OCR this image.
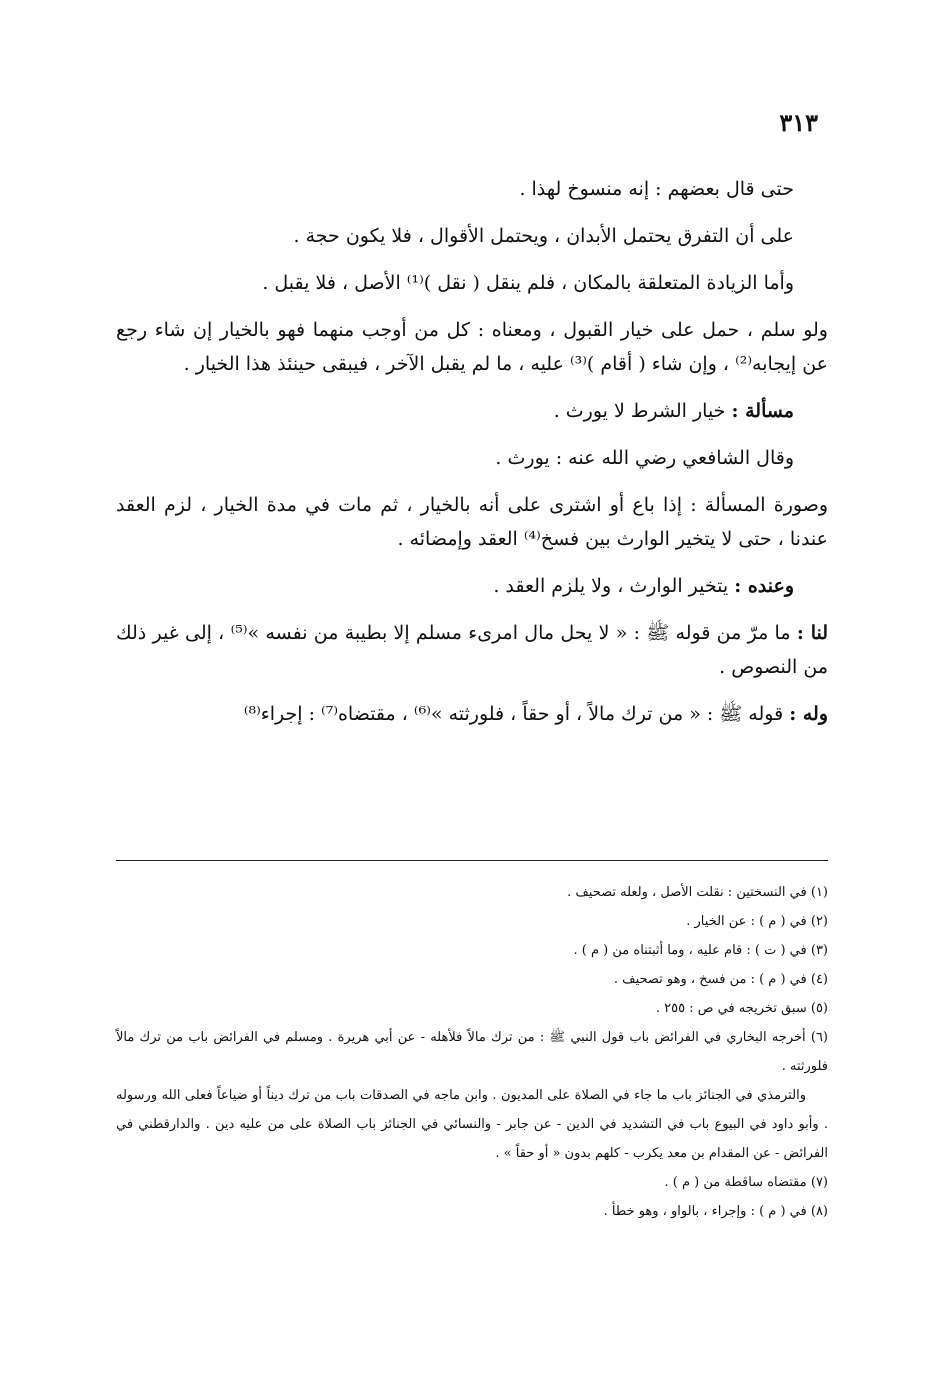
٣١٣

حتى قال بعضهم : إنه منسوخ لهذا .

على أن التفرق يحتمل الأبدان ، ويحتمل الأقوال ، فلا يكون حجة .

وأما الزيادة المتعلقة بالمكان ، فلم ينقل ( نقل )⁽¹⁾ الأصل ، فلا يقبل .

ولو سلم ، حمل على خيار القبول ، ومعناه : كل من أوجب منهما فهو بالخيار إن شاء رجع عن إيجابه⁽²⁾ ، وإن شاء ( أقام )⁽³⁾ عليه ، ما لم يقبل الآخر ، فيبقى حينئذ هذا الخيار .

مسألة : خيار الشرط لا يورث .

وقال الشافعي رضي الله عنه : يورث .

وصورة المسألة : إذا باع أو اشترى على أنه بالخيار ، ثم مات في مدة الخيار ، لزم العقد عندنا ، حتى لا يتخير الوارث بين فسخ⁽⁴⁾ العقد وإمضائه .

وعنده : يتخير الوارث ، ولا يلزم العقد .

لنا : ما مرّ من قوله ﷺ : « لا يحل مال امرىء مسلم إلا بطيبة من نفسه »⁽⁵⁾ ، إلى غير ذلك من النصوص .

وله : قوله ﷺ : « من ترك مالاً ، أو حقاً ، فلورثته »⁽⁶⁾ ، مقتضاه⁽⁷⁾ : إجراء⁽⁸⁾

(١) في النسختين : نقلت الأصل ، ولعله تصحيف .

(٢) في ( م ) : عن الخيار .

(٣) في ( ت ) : قام عليه ، وما أثبتناه من ( م ) .

(٤) في ( م ) : من فسخ ، وهو تصحيف .

(٥) سبق تخريجه في ص : ٢٥٥ .

(٦) أخرجه البخاري في الفرائض باب قول النبي ﷺ : من ترك مالاً فلأهله - عن أبي هريرة . ومسلم في الفرائض باب من ترك مالاً فلورثته .

والترمذي في الجنائز باب ما جاء في الصلاة على المديون . وابن ماجه في الصدقات باب من ترك ديناً أو ضياعاً فعلى الله ورسوله . وأبو داود في البيوع باب في التشديد في الدين - عن جابر - والنسائي في الجنائز باب الصلاة على من عليه دين . والدارقطني في الفرائض - عن المقدام بن معد يكرب - كلهم بدون « أو حقاً » .

(٧) مقتضاه ساقطة من ( م ) .

(٨) في ( م ) : وإجراء ، بالواو ، وهو خطأ .
